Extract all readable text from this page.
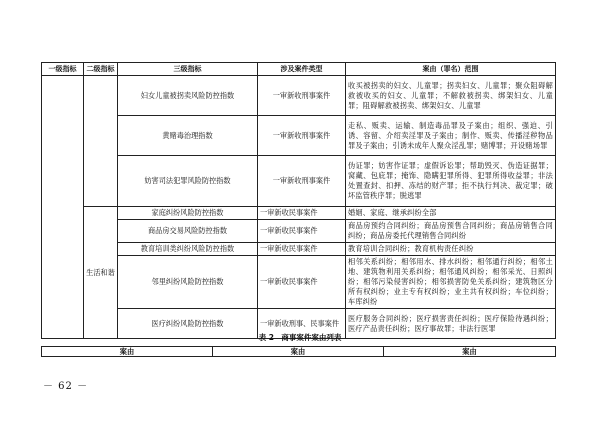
一级指标	二级指标	三级指标	涉及案件类型	案由（罪名）范围
		妇女儿童被拐卖风险防控指数	一审新收刑事案件	收买被拐卖的妇女、儿童罪；拐卖妇女、儿童罪；聚众阻碍解救被收买的妇女、儿童罪；不解救被拐卖、绑架妇女、儿童罪；阻碍解救被拐卖、绑架妇女、儿童罪
		黄赌毒治理指数	一审新收刑事案件	走私、贩卖、运输、制造毒品罪及子案由；组织、强迫、引诱、容留、介绍卖淫罪及子案由；制作、贩卖、传播淫秽物品罪及子案由；引诱未成年人聚众淫乱罪；赌博罪；开设赌场罪
		妨害司法犯罪风险防控指数	一审新收刑事案件	伪证罪；妨害作证罪；虚假诉讼罪；帮助毁灭、伪造证据罪；窝藏、包庇罪；掩饰、隐瞒犯罪所得、犯罪所得收益罪；非法处置查封、扣押、冻结的财产罪；拒不执行判决、裁定罪；破坏监管秩序罪；脱逃罪
	生活和谐	家庭纠纷风险防控指数	一审新收民事案件	婚姻、家庭、继承纠纷全部
		商品房交易风险防控指数	一审新收民事案件	商品房预约合同纠纷；商品房预售合同纠纷；商品房销售合同纠纷；商品房委托代理销售合同纠纷
		教育培训类纠纷风险防控指数	一审新收民事案件	教育培训合同纠纷；教育机构责任纠纷
		邻里纠纷风险防控指数	一审新收民事案件	相邻关系纠纷；相邻用水、排水纠纷；相邻通行纠纷；相邻土地、建筑物利用关系纠纷；相邻通风纠纷；相邻采光、日照纠纷；相邻污染侵害纠纷；相邻损害防免关系纠纷；建筑物区分所有权纠纷；业主专有权纠纷；业主共有权纠纷；车位纠纷；车库纠纷
		医疗纠纷风险防控指数	一审新收刑事、民事案件	医疗服务合同纠纷；医疗损害责任纠纷；医疗保险待遇纠纷；医疗产品责任纠纷；医疗事故罪；非法行医罪
表 2　商事案件案由列表
案由	案由	案由
－ 62 －
